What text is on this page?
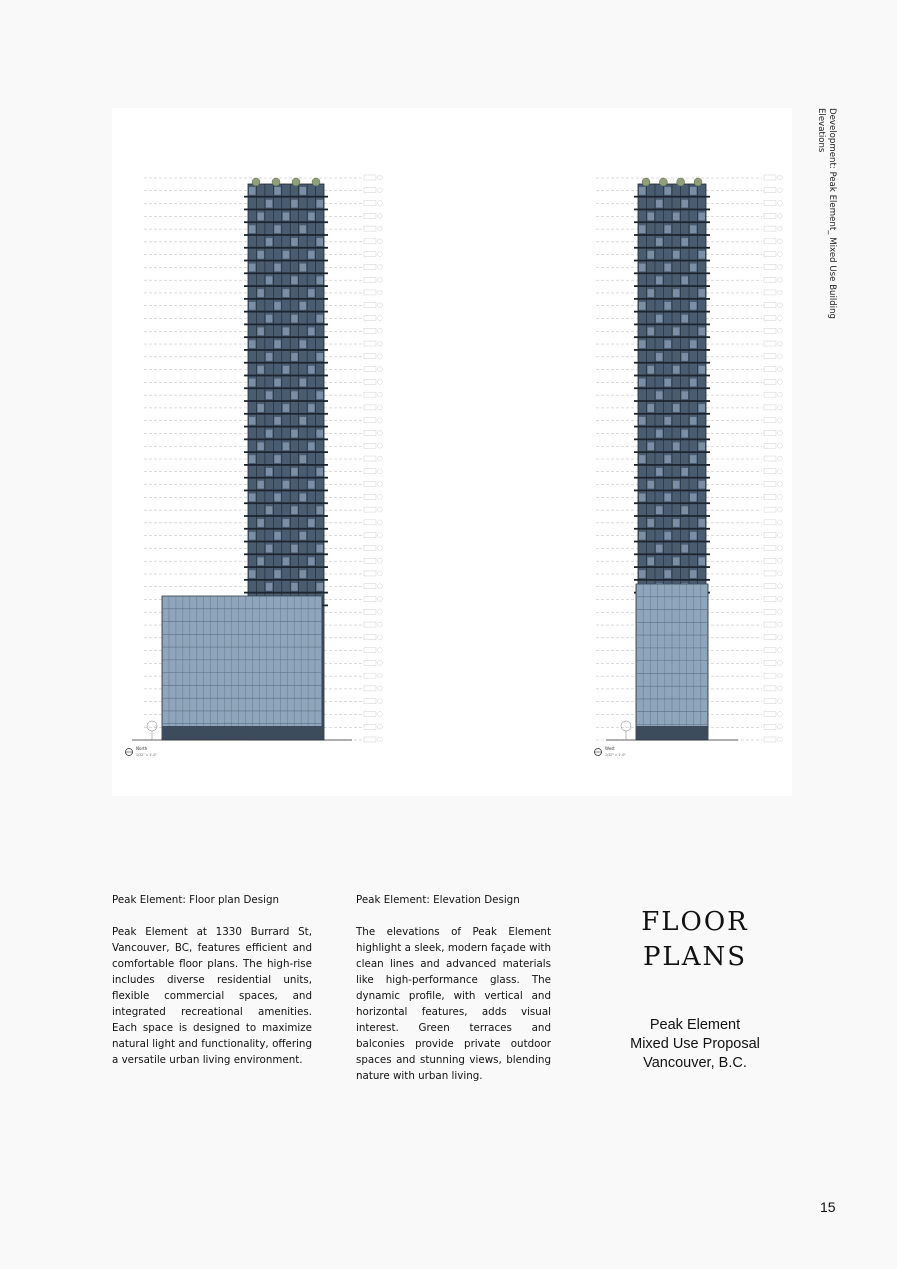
North
1/32" = 1'-0"
West
1/32" = 1'-0"
Development: Peak Element_ Mixed Use Building
Elevations
Peak Element: Floor plan Design

Peak Element at 1330 Burrard St, Vancouver, BC, features efficient and comfortable floor plans. The high-rise includes diverse residential units, flexible commercial spaces, and integrated recreational amenities. Each space is designed to maximize natural light and functionality, offering a versatile urban living environment.

Peak Element: Elevation Design

The elevations of Peak Element highlight a sleek, modern façade with clean lines and advanced materials like high-performance glass. The dynamic profile, with vertical and horizontal features, adds visual interest. Green terraces and balconies provide private outdoor spaces and stunning views, blending nature with urban living.

FLOOR
PLANS
Peak Element
Mixed Use Proposal
Vancouver, B.C.
15
